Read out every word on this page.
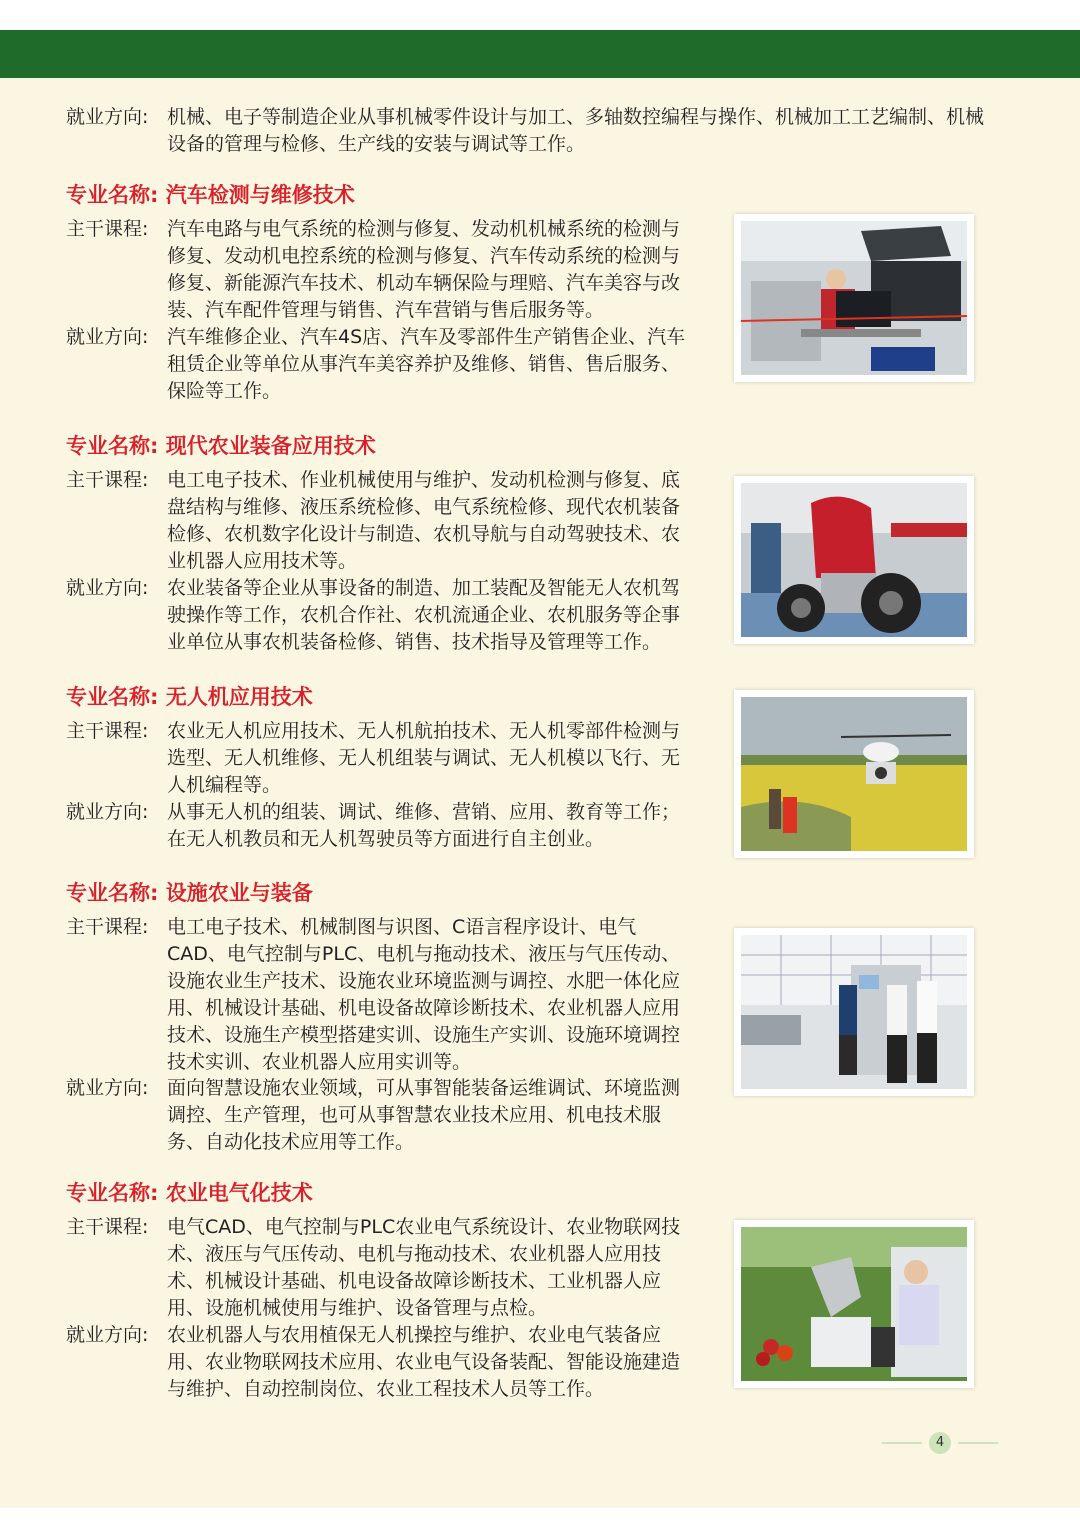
就业方向: 机械、电子等制造企业从事机械零件设计与加工、多轴数控编程与操作、机械加工工艺编制、机械设备的管理与检修、生产线的安装与调试等工作。
专业名称: 汽车检测与维修技术
主干课程: 汽车电路与电气系统的检测与修复、发动机机械系统的检测与修复、发动机电控系统的检测与修复、汽车传动系统的检测与修复、新能源汽车技术、机动车辆保险与理赔、汽车美容与改装、汽车配件管理与销售、汽车营销与售后服务等。
就业方向: 汽车维修企业、汽车4S店、汽车及零部件生产销售企业、汽车租赁企业等单位从事汽车美容养护及维修、销售、售后服务、保险等工作。
专业名称: 现代农业装备应用技术
主干课程: 电工电子技术、作业机械使用与维护、发动机检测与修复、底盘结构与维修、液压系统检修、电气系统检修、现代农机装备检修、农机数字化设计与制造、农机导航与自动驾驶技术、农业机器人应用技术等。
就业方向: 农业装备等企业从事设备的制造、加工装配及智能无人农机驾驶操作等工作，农机合作社、农机流通企业、农机服务等企事业单位从事农机装备检修、销售、技术指导及管理等工作。
专业名称: 无人机应用技术
主干课程: 农业无人机应用技术、无人机航拍技术、无人机零部件检测与选型、无人机维修、无人机组装与调试、无人机模以飞行、无人机编程等。
就业方向: 从事无人机的组装、调试、维修、营销、应用、教育等工作；在无人机教员和无人机驾驶员等方面进行自主创业。
专业名称: 设施农业与装备
主干课程: 电工电子技术、机械制图与识图、C语言程序设计、电气CAD、电气控制与PLC、电机与拖动技术、液压与气压传动、设施农业生产技术、设施农业环境监测与调控、水肥一体化应用、机械设计基础、机电设备故障诊断技术、农业机器人应用技术、设施生产模型搭建实训、设施生产实训、设施环境调控技术实训、农业机器人应用实训等。
就业方向: 面向智慧设施农业领域，可从事智能装备运维调试、环境监测调控、生产管理，也可从事智慧农业技术应用、机电技术服务、自动化技术应用等工作。
专业名称: 农业电气化技术
主干课程: 电气CAD、电气控制与PLC农业电气系统设计、农业物联网技术、液压与气压传动、电机与拖动技术、农业机器人应用技术、机械设计基础、机电设备故障诊断技术、工业机器人应用、设施机械使用与维护、设备管理与点检。
就业方向: 农业机器人与农用植保无人机操控与维护、农业电气装备应用、农业物联网技术应用、农业电气设备装配、智能设施建造与维护、自动控制岗位、农业工程技术人员等工作。
4
